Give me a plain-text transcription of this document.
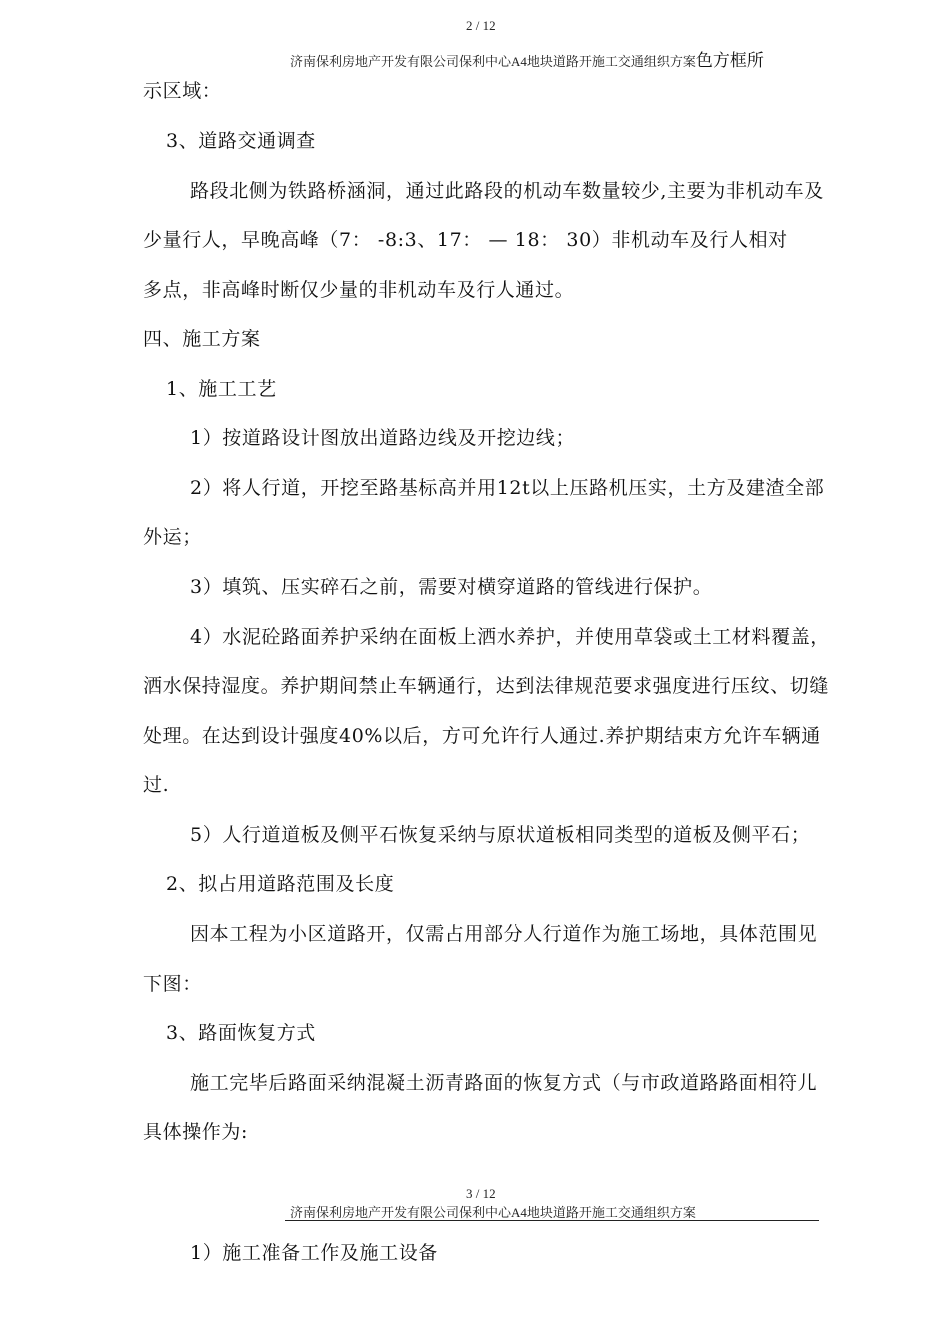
2 / 12
济南保利房地产开发有限公司保利中心A4地块道路开施工交通组织方案色方框所
示区域：
3、道路交通调查
路段北侧为铁路桥涵洞，通过此路段的机动车数量较少,主要为非机动车及
少量行人，早晚高峰（7： -8:3、17： — 18： 30）非机动车及行人相对
多点，非高峰时断仅少量的非机动车及行人通过。
四、施工方案
1、施工工艺
1）按道路设计图放出道路边线及开挖边线；
2）将人行道，开挖至路基标高并用12t以上压路机压实，土方及建渣全部
外运；
3）填筑、压实碎石之前，需要对横穿道路的管线进行保护。
4）水泥砼路面养护采纳在面板上洒水养护，并使用草袋或土工材料覆盖，
洒水保持湿度。养护期间禁止车辆通行，达到法律规范要求强度进行压纹、切缝
处理。在达到设计强度40%以后，方可允许行人通过.养护期结束方允许车辆通
过.
5）人行道道板及侧平石恢复采纳与原状道板相同类型的道板及侧平石；
2、拟占用道路范围及长度
因本工程为小区道路开，仅需占用部分人行道作为施工场地，具体范围见
下图：
3、路面恢复方式
施工完毕后路面采纳混凝土沥青路面的恢复方式（与市政道路路面相符儿
具体操作为:
3 / 12
济南保利房地产开发有限公司保利中心A4地块道路开施工交通组织方案
1）施工准备工作及施工设备
